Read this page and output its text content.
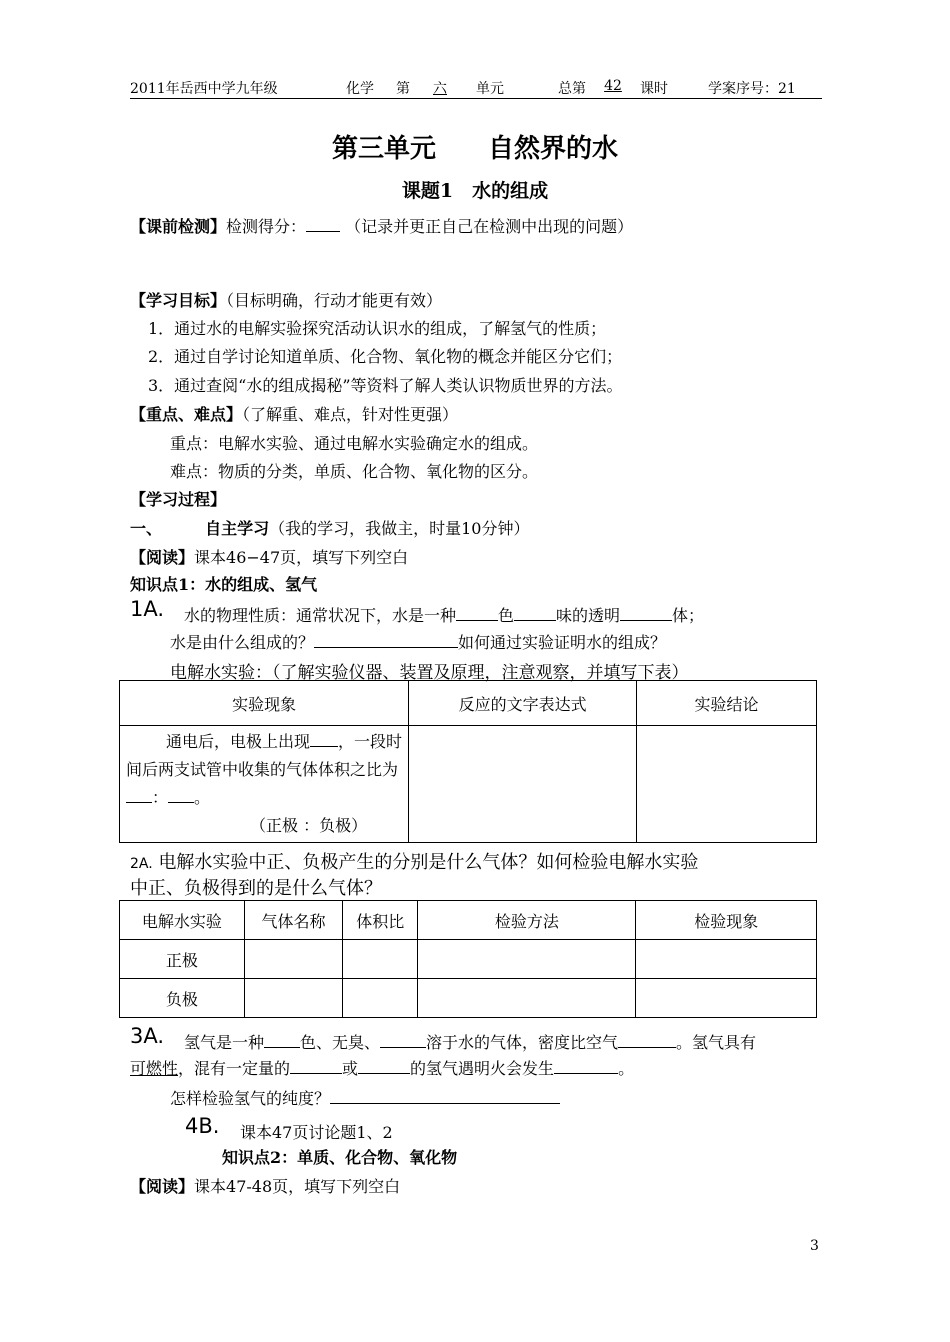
2011年岳西中学九年级	化学 第	六	单元	总第	42	课时	学案序号：21
第三单元　　自然界的水
课题1　水的组成
【课前检测】检测得分： （记录并更正自己在检测中出现的问题）
【学习目标】（目标明确，行动才能更有效）
1．通过水的电解实验探究活动认识水的组成，了解氢气的性质；
2．通过自学讨论知道单质、化合物、氧化物的概念并能区分它们；
3．通过查阅“水的组成揭秘”等资料了解人类认识物质世界的方法。
【重点、难点】（了解重、难点，针对性更强）
重点：电解水实验、通过电解水实验确定水的组成。
难点：物质的分类，单质、化合物、氧化物的区分。
【学习过程】
一、	自主学习（我的学习，我做主，时量10分钟）
【阅读】课本46−47页，填写下列空白
知识点1：水的组成、氢气
1A. 水的物理性质：通常状况下，水是一种	色	味的透明	体；
水是由什么组成的？	如何通过实验证明水的组成？
电解水实验：（了解实验仪器、装置及原理，注意观察，并填写下表）
实验现象	反应的文字表达式	实验结论
通电后，电极上出现 ，一段时间后两支试管中收集的气体体积之比为： 。
（正极 ：负极）		
2A. 电解水实验中正、负极产生的分别是什么气体？如何检验电解水实验
中正、负极得到的是什么气体？
电解水实验	气体名称	体积比	检验方法	检验现象
正极				
负极				
3A. 氢气是一种 色、无臭、	溶于水的气体，密度比空气	。氢气具有
可燃性，混有一定量的	或	的氢气遇明火会发生	。
怎样检验氢气的纯度？
4B. 课本47页讨论题1、2
知识点2：单质、化合物、氧化物
【阅读】课本47-48页，填写下列空白
3
